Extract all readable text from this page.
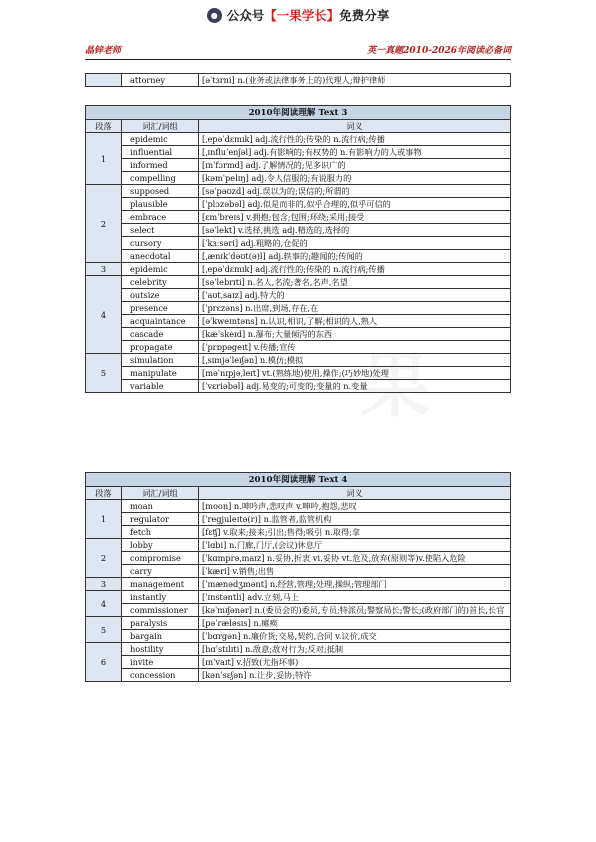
● 公众号 【一果学长】 免费分享
晶锌老师	英一真题2010-2026年阅读必备词
果
	attorney	[əˈtɜrni] n.(业务或法律事务上的)代理人;辩护律师
2010年阅读理解 Text 3		
段落	词汇/词组	词义
1	epidemic	[ˌepəˈdɛmɪk] adj.流行性的;传染的 n.流行病;传播
	influential	[ˌɪnfluˈenʃəl] adj.有影响的;有权势的 n.有影响力的人或事物
	informed	[ɪnˈfɔrmd] adj.了解情况的;见多识广的
	compelling	[kəmˈpelɪŋ] adj.令人信服的;有说服力的
2	supposed	[səˈpəʊzd] adj.误以为的;误信的;所谓的
	plausible	[ˈplɔzəbəl] adj.似是而非的,似乎合理的,似乎可信的
	embrace	[ɛmˈbreɪs] v.拥抱;包含;包围;环绕;采用;接受
	select	[səˈlekt] v.选择,挑选 adj.精选的,选择的
	cursory	[ˈkɜːsəri] adj.粗略的,仓促的
	anecdotal	[ˌænɪkˈdəʊt(ə)l] adj.轶事的;趣闻的;传闻的
3	epidemic	[ˌepəˈdɛmɪk] adj.流行性的;传染的 n.流行病;传播
4	celebrity	[səˈlebrɪti] n.名人,名流;著名,名声,名望
	outsize	[ˈaʊtˌsaɪz] adj.特大的
	presence	[ˈprɛzəns] n.出席,到场,存在,在
	acquaintance	[əˈkweɪntəns] n.认识,相识,了解;相识的人,熟人
	cascade	[kæˈskeɪd] n.瀑布;大量倾泻的东西
	propagate	[ˈprɒpəgeɪt] v.传播;宣传
5	simulation	[ˌsɪmjəˈleɪʃən] n.模仿;模拟
	manipulate	[məˈnɪpjəˌleɪt] vt.(熟练地)使用,操作;(巧妙地)处理
	variable	[ˈvɛriəbəl] adj.易变的;可变的;变量的 n.变量
2010年阅读理解 Text 4		
段落	词汇/词组	词义
1	moan	[moon] n.呻吟声,悲叹声 v.呻吟,抱怨,悲叹
	regulator	[ˈregjuleɪtə(r)] n.监管者,监管机构
	fetch	[fɛʧ] v.取来;接来;引出;售得;吸引 n.取得;拿
2	lobby	[ˈlɑbi] n.门廊,门厅,(会议)休息厅
	compromise	[ˈkɑmprəˌmaɪz] n.妥协,折衷 vi.妥协 vt.危及,放弃(原则等)v.使陷入危险
	carry	[ˈkæri] v.销售;出售
3	management	[ˈmænədʒmənt] n.经营,管理;处理,操纵;管理部门
4	instantly	[ˈɪnstəntli] adv.立刻,马上
	commissioner	[kəˈmɪʃənər] n.(委员会的)委员,专员;特派员;警察局长;警长;(政府部门的)首长,长官
5	paralysis	[pəˈræləsɪs] n.瘫痪
	bargain	[ˈbɑrgən] n.廉价货;交易,契约,合同 v.议价,成交
6	hostility	[hɑˈstɪlɪti] n.敌意;敌对行为;反对;抵制
	invite	[ɪnˈvaɪt] v.招致(尤指坏事)
	concession	[kənˈsɛʃən] n.让步,妥协;特许
